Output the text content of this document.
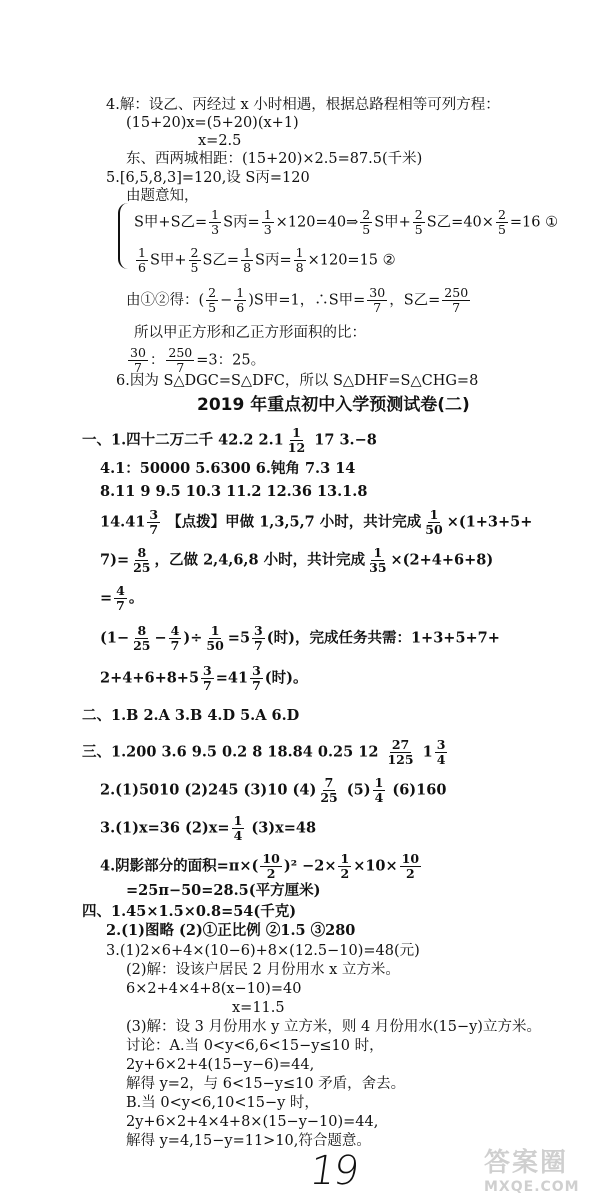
4.解：设乙、丙经过 x 小时相遇，根据总路程相等可列方程：
(15+20)x=(5+20)(x+1)
x=2.5
东、西两城相距：(15+20)×2.5=87.5(千米)
5.[6,5,8,3]=120,设 S丙=120
由题意知，
S甲+S乙= $\frac{1}{3}$ S丙= $\frac{1}{3}$ ×120=40⇒ $\frac{2}{5}$ S甲+ $\frac{2}{5}$ S乙$=40\times \frac{2}{5} =16$ ①
$\frac{1}{6}$ S甲+ $\frac{2}{5}$ S乙= $\frac{1}{8}$ S丙= $\frac{1}{8} \times 120=15$ ②
由①②得：( $\frac{2}{5} - \frac{1}{6} )S$甲=1，∴S甲= $\frac{30}{7}$ ，S乙= $\frac{250}{7}$
所以甲正方形和乙正方形面积的比：
$\frac{30}{7}$ ： $\frac{250}{7} =3$：25。
6.因为 S△DGC=S△DFC，所以 S△DHF=S△CHG=8
2019 年重点初中入学预测试卷(二)
一、1.四十二万二千 42.2 $2.1 \frac{1}{12} 17$ 3.−8
4.1：50000 5.6300 6.钝角 7.3 14
8.11 9 9.5 10.3 11.2 12.36 13.1.8
$14.41 \frac{3}{7}$ 【点拨】甲做 1,3,5,7 小时，共计完成 $\frac{1}{50} \times(1+3+5+$
$7)= \frac{8}{25}$ ，乙做 2,4,6,8 小时，共计完成 $\frac{1}{35} \times(2+4+6+8)$
= $\frac{4}{7}$ 。
($1- \frac{8}{25} - \frac{4}{7}$ )÷ $\frac{1}{50} =5 \frac{3}{7}$ (时)，完成任务共需：1+3+5+7+
$2+4+6+8+5 \frac{3}{7} =41 \frac{3}{7}$ (时)。
二、1.B 2.A 3.B 4.D 5.A 6.D
三、1.200 3.6 9.5 0.2 8 18.84 0.25 $12 \frac{27}{125} 1 \frac{3}{4}$
2.(1)5010 (2)245 (3)10 $(4) \frac{7}{25} (5) \frac{1}{4} (6)160$
3.(1)x=36 $(2)x= \frac{1}{4} (3)x=48$
4.阴影部分的面积$=\pi\times( \frac{10}{2} )^2 -2\times \frac{1}{2} \times 10\times \frac{10}{2}$
=25π−50=28.5(平方厘米)
四、1.45×1.5×0.8=54(千克)
2.(1)图略 (2)①正比例 ②1.5 ③280
3.(1)2×6+4×(10−6)+8×(12.5−10)=48(元)
(2)解：设该户居民 2 月份用水 x 立方米。
6×2+4×4+8(x−10)=40
x=11.5
(3)解：设 3 月份用水 y 立方米，则 4 月份用水(15−y)立方米。
讨论：A.当 0<y<6,6<15−y≤10 时，
2y+6×2+4(15−y−6)=44,
解得 y=2，与 6<15−y≤10 矛盾，舍去。
B.当 0<y<6,10<15−y 时，
2y+6×2+4×4+8×(15−y−10)=44,
解得 y=4,15−y=11>10,符合题意。
19	答案圈
MXQE.COM
